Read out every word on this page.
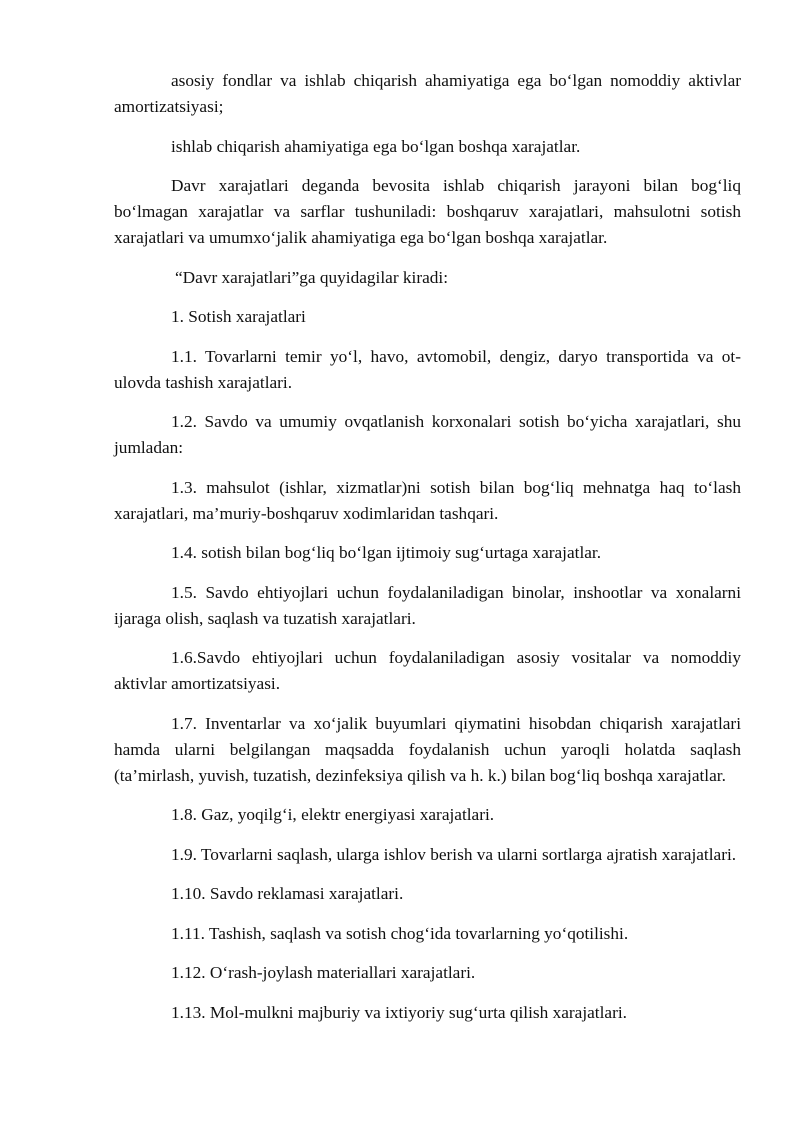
asosiy fondlar va ishlab chiqarish ahamiyatiga ega bo‘lgan nomoddiy aktivlar amortizatsiyasi;

ishlab chiqarish ahamiyatiga ega bo‘lgan boshqa xarajatlar.

Davr xarajatlari deganda bevosita ishlab chiqarish jarayoni bilan bog‘liq bo‘lmagan xarajatlar va sarflar tushuniladi: boshqaruv xarajatlari, mahsulotni sotish xarajatlari va umumxo‘jalik ahamiyatiga ega bo‘lgan boshqa xarajatlar.

“Davr xarajatlari”ga quyidagilar kiradi:

1. Sotish xarajatlari

1.1. Tovarlarni temir yo‘l, havo, avtomobil, dengiz, daryo transportida va ot-ulovda tashish xarajatlari.

1.2. Savdo va umumiy ovqatlanish korxonalari sotish bo‘yicha xarajatlari, shu jumladan:

1.3. mahsulot (ishlar, xizmatlar)ni sotish bilan bog‘liq mehnatga haq to‘lash xarajatlari, ma’muriy-boshqaruv xodimlaridan tashqari.

1.4. sotish bilan bog‘liq bo‘lgan ijtimoiy sug‘urtaga xarajatlar.

1.5. Savdo ehtiyojlari uchun foydalaniladigan binolar, inshootlar va xonalarni ijaraga olish, saqlash va tuzatish xarajatlari.

1.6.Savdo ehtiyojlari uchun foydalaniladigan asosiy vositalar va nomoddiy aktivlar amortizatsiyasi.

1.7. Inventarlar va xo‘jalik buyumlari qiymatini hisobdan chiqarish xarajatlari hamda ularni belgilangan maqsadda foydalanish uchun yaroqli holatda saqlash (ta’mirlash, yuvish, tuzatish, dezinfeksiya qilish va h. k.) bilan bog‘liq boshqa xarajatlar.

1.8. Gaz, yoqilg‘i, elektr energiyasi xarajatlari.

1.9. Tovarlarni saqlash, ularga ishlov berish va ularni sortlarga ajratish xarajatlari.

1.10. Savdo reklamasi xarajatlari.

1.11. Tashish, saqlash va sotish chog‘ida tovarlarning yo‘qotilishi.

1.12. O‘rash-joylash materiallari xarajatlari.

1.13. Mol-mulkni majburiy va ixtiyoriy sug‘urta qilish xarajatlari.
